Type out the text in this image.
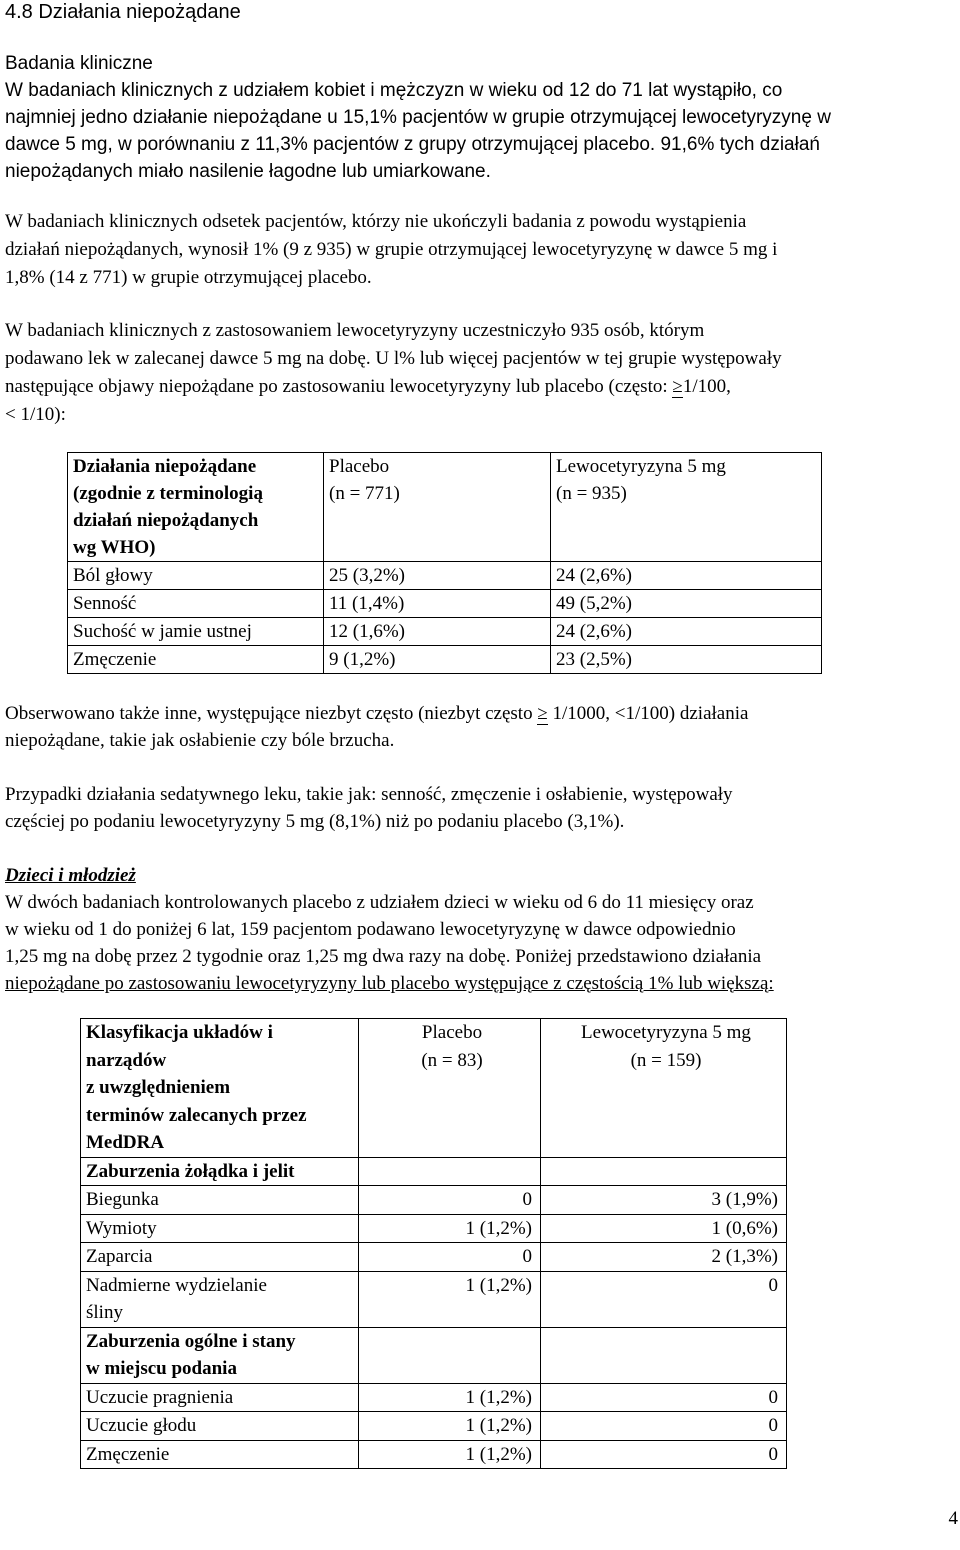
4.8 Działania niepożądane
Badania kliniczne
W badaniach klinicznych z udziałem kobiet i mężczyzn w wieku od 12 do 71 lat wystąpiło, co
najmniej jedno działanie niepożądane u 15,1% pacjentów w grupie otrzymującej lewocetyryzynę w
dawce 5 mg, w porównaniu z 11,3% pacjentów z grupy otrzymującej placebo. 91,6% tych działań
niepożądanych miało nasilenie łagodne lub umiarkowane.
W badaniach klinicznych odsetek pacjentów, którzy nie ukończyli badania z powodu wystąpienia
działań niepożądanych, wynosił 1% (9 z 935) w grupie otrzymującej lewocetyryzynę w dawce 5 mg i
1,8% (14 z 771) w grupie otrzymującej placebo.
W badaniach klinicznych z zastosowaniem lewocetyryzyny uczestniczyło 935 osób, którym
podawano lek w zalecanej dawce 5 mg na dobę. U l% lub więcej pacjentów w tej grupie występowały
następujące objawy niepożądane po zastosowaniu lewocetyryzyny lub placebo (często: ≥1/100,
< 1/10):
Działania niepożądane
(zgodnie z terminologią
działań niepożądanych
wg WHO)	Placebo
(n = 771)	Lewocetyryzyna 5 mg
(n = 935)

Ból głowy	25 (3,2%)	24 (2,6%)
Senność	11 (1,4%)	49 (5,2%)
Suchość w jamie ustnej	12 (1,6%)	24 (2,6%)
Zmęczenie	9 (1,2%)	23 (2,5%)
Obserwowano także inne, występujące niezbyt często (niezbyt często ≥ 1/1000, <1/100) działania
niepożądane, takie jak osłabienie czy bóle brzucha.
Przypadki działania sedatywnego leku, takie jak: senność, zmęczenie i osłabienie, występowały
częściej po podaniu lewocetyryzyny 5 mg (8,1%) niż po podaniu placebo (3,1%).
Dzieci i młodzież
W dwóch badaniach kontrolowanych placebo z udziałem dzieci w wieku od 6 do 11 miesięcy oraz
w wieku od 1 do poniżej 6 lat, 159 pacjentom podawano lewocetyryzynę w dawce odpowiednio
1,25 mg na dobę przez 2 tygodnie oraz 1,25 mg dwa razy na dobę. Poniżej przedstawiono działania
niepożądane po zastosowaniu lewocetyryzyny lub placebo występujące z częstością 1% lub większą:
Klasyfikacja układów i
narządów
z uwzględnieniem
terminów zalecanych przez
MedDRA	Placebo
(n = 83)	Lewocetyryzyna 5 mg
(n = 159)

Zaburzenia żołądka i jelit		
Biegunka	0	3 (1,9%)
Wymioty	1 (1,2%)	1 (0,6%)
Zaparcia	0	2 (1,3%)

Nadmierne wydzielanie
śliny	1 (1,2%)	0

Zaburzenia ogólne i stany
w miejscu podania		

Uczucie pragnienia	1 (1,2%)	0
Uczucie głodu	1 (1,2%)	0
Zmęczenie	1 (1,2%)	0
4
